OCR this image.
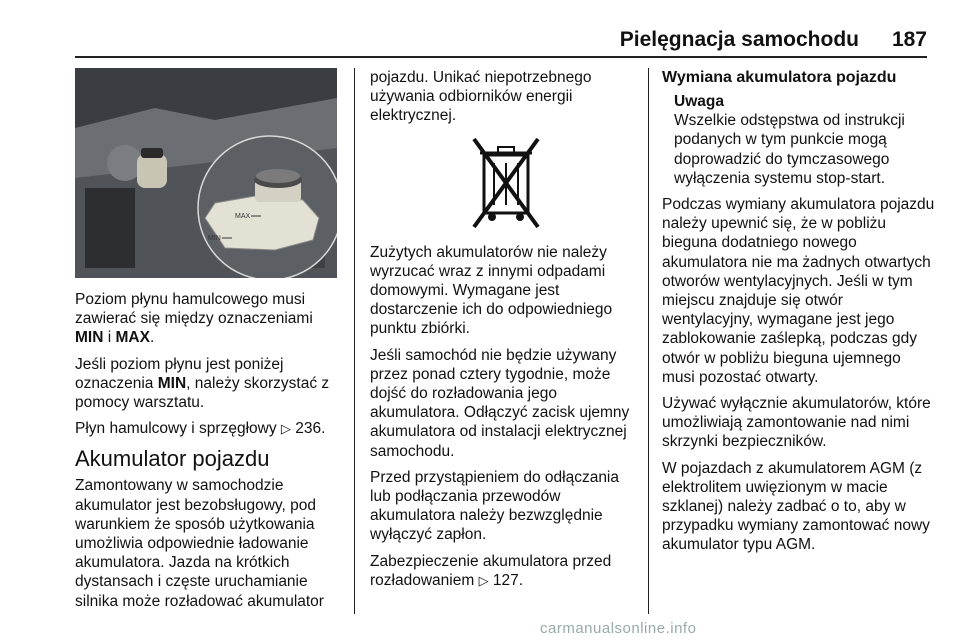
Pielęgnacja samochodu 187
MAX
MIN

Poziom płynu hamulcowego musi zawierać się między oznaczeniami MIN i MAX.

Jeśli poziom płynu jest poniżej oznaczenia MIN, należy skorzystać z pomocy warsztatu.

Płyn hamulcowy i sprzęgłowy ▷ 236.

Akumulator pojazdu

Zamontowany w samochodzie akumulator jest bezobsługowy, pod warunkiem że sposób użytkowania umożliwia odpowiednie ładowanie akumulatora. Jazda na krótkich dystansach i częste uruchamianie silnika może rozładować akumulator

pojazdu. Unikać niepotrzebnego używania odbiorników energii elektrycznej.

Zużytych akumulatorów nie należy wyrzucać wraz z innymi odpadami domowymi. Wymagane jest dostarczenie ich do odpowiedniego punktu zbiórki.

Jeśli samochód nie będzie używany przez ponad cztery tygodnie, może dojść do rozładowania jego akumulatora. Odłączyć zacisk ujemny akumulatora od instalacji elektrycznej samochodu.

Przed przystąpieniem do odłączania lub podłączania przewodów akumulatora należy bezwzględnie wyłączyć zapłon.

Zabezpieczenie akumulatora przed rozładowaniem ▷ 127.

Wymiana akumulatora pojazdu
Uwaga

Wszelkie odstępstwa od instrukcji podanych w tym punkcie mogą doprowadzić do tymczasowego wyłączenia systemu stop-start.

Podczas wymiany akumulatora pojazdu należy upewnić się, że w pobliżu bieguna dodatniego nowego akumulatora nie ma żadnych otwartych otworów wentylacyjnych. Jeśli w tym miejscu znajduje się otwór wentylacyjny, wymagane jest jego zablokowanie zaślepką, podczas gdy otwór w pobliżu bieguna ujemnego musi pozostać otwarty.

Używać wyłącznie akumulatorów, które umożliwiają zamontowanie nad nimi skrzynki bezpieczników.

W pojazdach z akumulatorem AGM (z elektrolitem uwięzionym w macie szklanej) należy zadbać o to, aby w przypadku wymiany zamontować nowy akumulator typu AGM.

carmanualsonline.info
